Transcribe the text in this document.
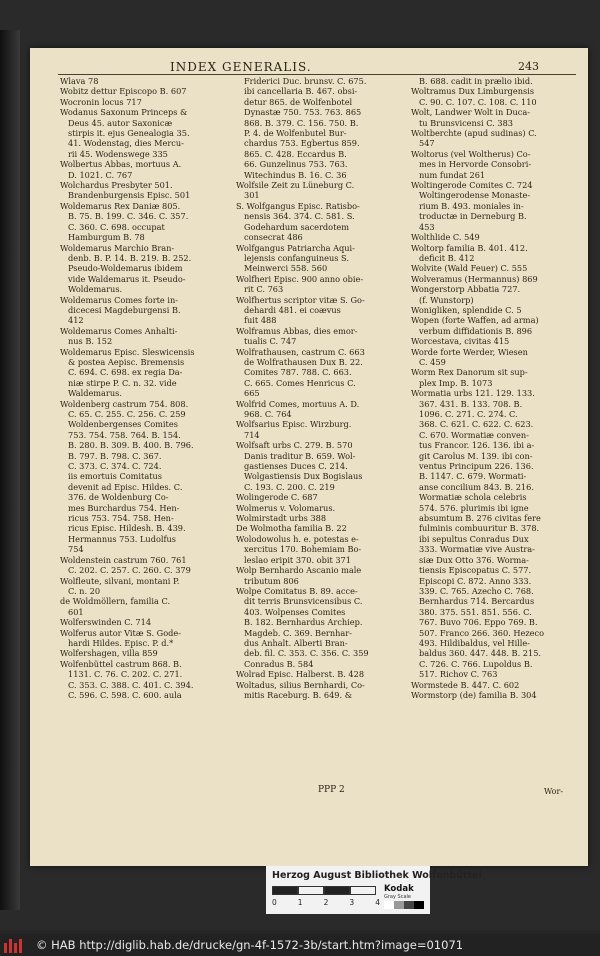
INDEX GENERALIS.	243
Wlava 78
Wobitz dettur Episcopo B. 607
Wocronin locus 717
Wodanus Saxonum Princeps &
Deus 45. autor Saxonicæ
stirpis it. ejus Genealogia 35.
41. Wodenstag, dies Mercu-
rii 45. Wodenswege 335
Wolbertus Abbas, mortuus A.
D. 1021. C. 767
Wolchardus Presbyter 501.
Brandenburgensis Episc. 501
Woldemarus Rex Daniæ 805.
B. 75. B. 199. C. 346. C. 357.
C. 360. C. 698. occupat
Hamburgum B. 78
Woldemarus Marchio Bran-
denb. B. P. 14. B. 219. B. 252.
Pseudo-Woldemarus ibidem
vide Waldemarus it. Pseudo-
Woldemarus.
Woldemarus Comes forte in-
dicecesi Magdeburgensi B.
412
Woldemarus Comes Anhalti-
nus B. 152
Woldemarus Episc. Sleswicensis
& postea Aepisc. Bremensis
C. 694. C. 698. ex regia Da-
niæ stirpe P. C. n. 32. vide
Waldemarus.
Woldenberg castrum 754. 808.
C. 65. C. 255. C. 256. C. 259
Woldenbergenses Comites
753. 754. 758. 764. B. 154.
B. 280. B. 309. B. 400. B. 796.
B. 797. B. 798. C. 367.
C. 373. C. 374. C. 724.
iis emortuis Comitatus
devenit ad Episc. Hildes. C.
376. de Woldenburg Co-
mes Burchardus 754. Hen-
ricus 753. 754. 758. Hen-
ricus Episc. Hildesh. B. 439.
Hermannus 753. Ludolfus
754
Woldenstein castrum 760. 761
C. 202. C. 257. C. 260. C. 379
Wolfleute, silvani, montani P.
C. n. 20
de Woldmöllern, familia C.
601
Wolferswinden C. 714
Wolferus autor Vitæ S. Gode-
hardi Hildes. Episc. P. d.*
Wolfershagen, villa 859
Wolfenbüttel castrum 868. B.
1131. C. 76. C. 202. C. 271.
C. 353. C. 388. C. 401. C. 394.
C. 596. C. 598. C. 600. aula
Friderici Duc. brunsv. C. 675.
ibi cancellaria B. 467. obsi-
detur 865. de Wolfenbotel
Dynastæ 750. 753. 763. 865
868. B. 379. C. 156. 750. B.
P. 4. de Wolfenbutel Bur-
chardus 753. Egbertus 859.
865. C. 428. Eccardus B.
66. Gunzelinus 753. 763.
Witechindus B. 16. C. 36
Wolfsile Zeit zu Lüneburg C.
301
S. Wolfgangus Episc. Ratisbo-
nensis 364. 374. C. 581. S.
Godehardum sacerdotem
consecrat 486
Wolfgangus Patriarcha Aqui-
lejensis confanguineus S.
Meinwerci 558. 560
Wolfheri Episc. 900 anno obie-
rit C. 763
Wolfhertus scriptor vitæ S. Go-
dehardi 481. ei coævus
fuit 488
Wolframus Abbas, dies emor-
tualis C. 747
Wolfrathausen, castrum C. 663
de Wolfrathausen Dux B. 22.
Comites 787. 788. C. 663.
C. 665. Comes Henricus C.
665
Wolfrid Comes, mortuus A. D.
968. C. 764
Wolfsarius Episc. Wirzburg.
714
Wolfsaft urbs C. 279. B. 570
Danis traditur B. 659. Wol-
gastienses Duces C. 214.
Wolgastiensis Dux Bogislaus
C. 193. C. 200. C. 219
Wolingerode C. 687
Wolmerus v. Volomarus.
Wolmirstadt urbs 388
De Wolmotha familia B. 22
Wolodowolus h. e. potestas e-
xercitus 170. Bohemiam Bo-
leslao eripit 370. obit 371
Wolp Bernhardo Ascanio male
tributum 806
Wolpe Comitatus B. 89. acce-
dit terris Brunsvicensibus C.
403. Wolpenses Comites
B. 182. Bernhardus Archiep.
Magdeb. C. 369. Bernhar-
dus Anhalt. Alberti Bran-
deb. fil. C. 353. C. 356. C. 359
Conradus B. 584
Wolrad Episc. Halberst. B. 428
Woltadus, silius Bernhardi, Co-
mitis Raceburg. B. 649. &
B. 688. cadit in prælio ibid.
Woltramus Dux Limburgensis
C. 90. C. 107. C. 108. C. 110
Wolt, Landwer Wolt in Duca-
tu Brunsvicensi C. 383
Woltberchte (apud sudinas) C.
547
Woltorus (vel Woltherus) Co-
mes in Hervorde Consobri-
num fundat 261
Woltingerode Comites C. 724
Woltingerodense Monaste-
rium B. 493. moniales in-
troductæ in Derneburg B.
453
Wolthlide C. 549
Woltorp familia B. 401. 412.
deficit B. 412
Wolvite (Wald Feuer) C. 555
Wolveramus (Hermannus) 869
Wongerstorp Abbatia 727.
(f. Wunstorp)
Wonigliken, splendide C. 5
Wopen (forte Waffen, ad arma)
verbum diffidationis B. 896
Worcestava, civitas 415
Worde forte Werder, Wiesen
C. 459
Worm Rex Danorum sit sup-
plex Imp. B. 1073
Wormatia urbs 121. 129. 133.
367. 431. B. 133. 708. B.
1096. C. 271. C. 274. C.
368. C. 621. C. 622. C. 623.
C. 670. Wormatiæ conven-
tus Francor. 126. 136. ibi a-
git Carolus M. 139. ibi con-
ventus Principum 226. 136.
B. 1147. C. 679. Wormati-
anse concilium 843. B. 216.
Wormatiæ schola celebris
574. 576. plurimis ibi igne
absumtum B. 276 civitas fere
fulminis combuuritur B. 378.
ibi sepultus Conradus Dux
333. Wormatiæ vive Austra-
siæ Dux Otto 376. Worma-
tiensis Episcopatus C. 577.
Episcopi C. 872. Anno 333.
339. C. 765. Azecho C. 768.
Bernhardus 714. Bercardus
380. 375. 551. 851. 556. C.
767. Buvo 706. Eppo 769. B.
507. Franco 266. 360. Hezeco
493. Hildibaldus, vel Hille-
baldus 360. 447. 448. B. 215.
C. 726. C. 766. Lupoldus B.
517. Richov C. 763
Wormstede B. 447. C. 602
Wormstorp (de) familia B. 304
PPP 2	Wor-
Herzog August Bibliothek Wolfenbüttel
0	1	2	3	4
Kodak
Gray Scale
© HAB http://diglib.hab.de/drucke/gn-4f-1572-3b/start.htm?image=01071
